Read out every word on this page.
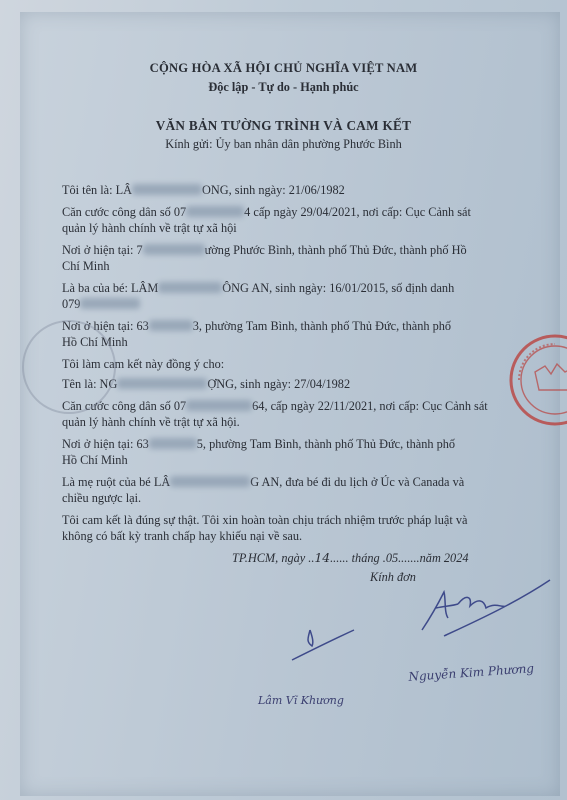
CỘNG HÒA XÃ HỘI CHỦ NGHĨA VIỆT NAM
Độc lập - Tự do - Hạnh phúc
VĂN BẢN TƯỜNG TRÌNH VÀ CAM KẾT
Kính gửi: Ủy ban nhân dân phường Phước Bình
Tôi tên là: LÂ	ONG, sinh ngày: 21/06/1982
Căn cước công dân số 07	4 cấp ngày 29/04/2021, nơi cấp: Cục Cảnh sát
quản lý hành chính về trật tự xã hội
Nơi ở hiện tại: 7	ường Phước Bình, thành phố Thủ Đức, thành phố Hồ
Chí Minh
Là ba của bé: LÂM	ÔNG AN, sinh ngày: 16/01/2015, số định danh
079
Nơi ở hiện tại: 63	3, phường Tam Bình, thành phố Thủ Đức, thành phố
Hồ Chí Minh
Tôi làm cam kết này đồng ý cho:
Tên là: NG	ỢNG, sinh ngày: 27/04/1982
Căn cước công dân số 07	64, cấp ngày 22/11/2021, nơi cấp: Cục Cảnh sát
quản lý hành chính về trật tự xã hội.
Nơi ở hiện tại: 63	5, phường Tam Bình, thành phố Thủ Đức, thành phố
Hồ Chí Minh
Là mẹ ruột của bé LÂ	G AN, đưa bé đi du lịch ở Úc và Canada và
chiều ngược lại.
Tôi cam kết là đúng sự thật. Tôi xin hoàn toàn chịu trách nhiệm trước pháp luật và
không có bất kỳ tranh chấp hay khiếu nại về sau.
TP.HCM, ngày ..14...... tháng .05.......năm 2024
Kính đơn
Nguyễn Kim Phương
Lâm Vĩ Khương
